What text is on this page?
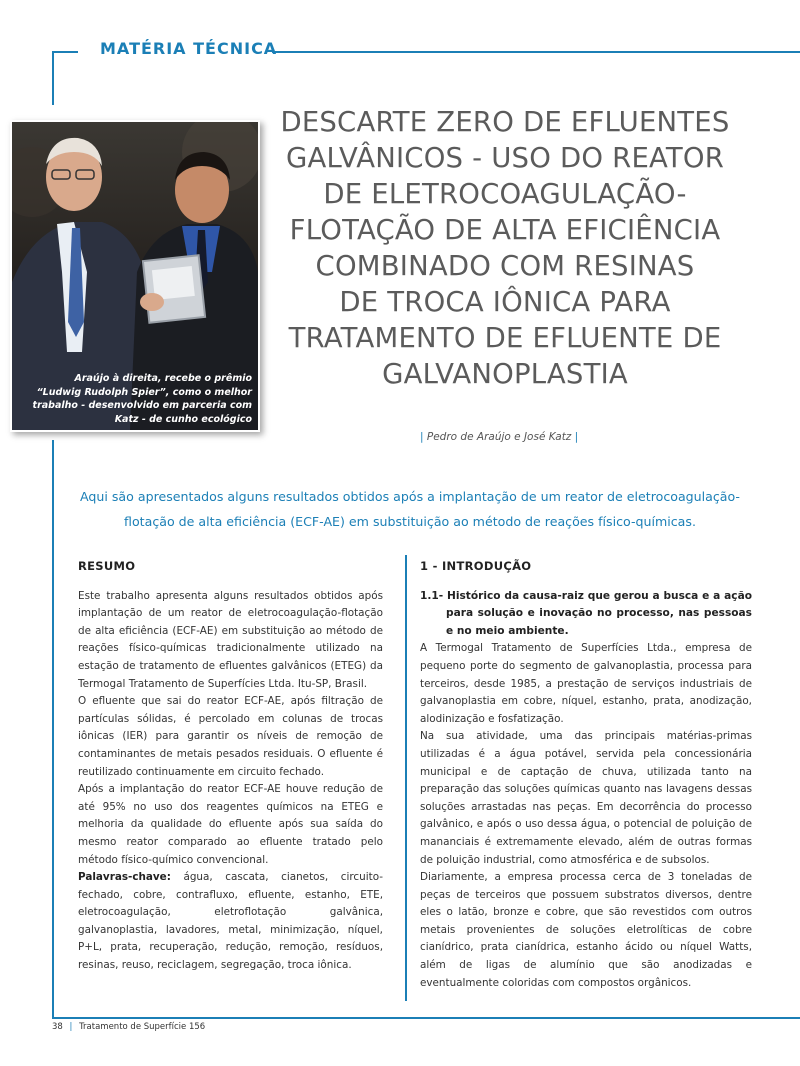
MATÉRIA TÉCNICA
Araújo à direita, recebe o prêmio
“Ludwig Rudolph Spier”, como o melhor
trabalho - desenvolvido em parceria com
Katz - de cunho ecológico
DESCARTE ZERO DE EFLUENTES
GALVÂNICOS - USO DO REATOR
DE ELETROCOAGULAÇÃO-
FLOTAÇÃO DE ALTA EFICIÊNCIA
COMBINADO COM RESINAS
DE TROCA IÔNICA PARA
TRATAMENTO DE EFLUENTE DE
GALVANOPLASTIA
| Pedro de Araújo e José Katz |
Aqui são apresentados alguns resultados obtidos após a implantação de um reator de eletrocoagulação-
flotação de alta eficiência (ECF-AE) em substituição ao método de reações físico-químicas.
RESUMO

Este trabalho apresenta alguns resultados obtidos após implantação de um reator de eletrocoagulação-flotação de alta eficiência (ECF-AE) em substituição ao método de reações físico-químicas tradicionalmente utilizado na estação de tratamento de efluentes galvânicos (ETEG) da Termogal Tratamento de Superfícies Ltda. Itu-SP, Brasil.

O efluente que sai do reator ECF-AE, após filtração de partículas sólidas, é percolado em colunas de trocas iônicas (IER) para garantir os níveis de remoção de contaminantes de metais pesados residuais. O efluente é reutilizado continuamente em circuito fechado.

Após a implantação do reator ECF-AE houve redução de até 95% no uso dos reagentes químicos na ETEG e melhoria da qualidade do efluente após sua saída do mesmo reator comparado ao efluente tratado pelo método físico-químico convencional.

Palavras-chave: água, cascata, cianetos, circuito-fechado, cobre, contrafluxo, efluente, estanho, ETE, eletrocoagulação, eletroflotação galvânica, galvanoplastia, lavadores, metal, minimização, níquel, P+L, prata, recuperação, redução, remoção, resíduos, resinas, reuso, reciclagem, segregação, troca iônica.

1 - INTRODUÇÃO

1.1- Histórico da causa-raiz que gerou a busca e a ação para solução e inovação no processo, nas pessoas e no meio ambiente.

A Termogal Tratamento de Superfícies Ltda., empresa de pequeno porte do segmento de galvanoplastia, processa para terceiros, desde 1985, a prestação de serviços industriais de galvanoplastia em cobre, níquel, estanho, prata, anodização, alodinização e fosfatização.

Na sua atividade, uma das principais matérias-primas utilizadas é a água potável, servida pela concessionária municipal e de captação de chuva, utilizada tanto na preparação das soluções químicas quanto nas lavagens dessas soluções arrastadas nas peças. Em decorrência do processo galvânico, e após o uso dessa água, o potencial de poluição de mananciais é extremamente elevado, além de outras formas de poluição industrial, como atmosférica e de subsolos.

Diariamente, a empresa processa cerca de 3 toneladas de peças de terceiros que possuem substratos diversos, dentre eles o latão, bronze e cobre, que são revestidos com outros metais provenientes de soluções eletrolíticas de cobre cianídrico, prata cianídrica, estanho ácido ou níquel Watts, além de ligas de alumínio que são anodizadas e eventualmente coloridas com compostos orgânicos.

38 | Tratamento de Superfície 156
